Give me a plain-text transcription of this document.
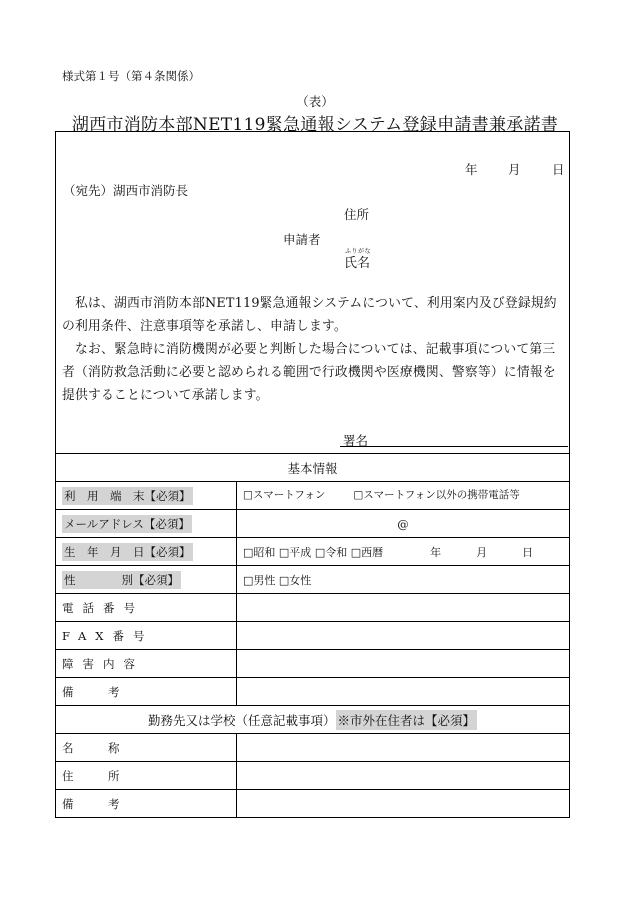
様式第１号（第４条関係）
（表）
湖西市消防本部NET119緊急通報システム登録申請書兼承諾書
年 月	日
（宛先）湖西市消防長
住所
申請者
ふりがな
氏名

私は、湖西市消防本部NET119緊急通報システムについて、利用案内及び登録規約の利用条件、注意事項等を承諾し、申請します。

なお、緊急時に消防機関が必要と判断した場合については、記載事項について第三者（消防救急活動に必要と認められる範囲で行政機関や医療機関、警察等）に情報を提供することについて承諾します。

署名
基本情報	
利　用　端　末【必須】	□スマートフォン □スマートフォン以外の携帯電話等

メールアドレス【必須】	@
生　年　月　日【必須】	□昭和 □平成 □令和 □西暦 年 月 日
性　　　　別【必須】	□男性 □女性
電話番号	
FAX番号	
障害内容	
備　　　考	
勤務先又は学校（任意記載事項） ※市外在住者は【必須】	
名　　　称	
住　　　所	
備　　　考	
